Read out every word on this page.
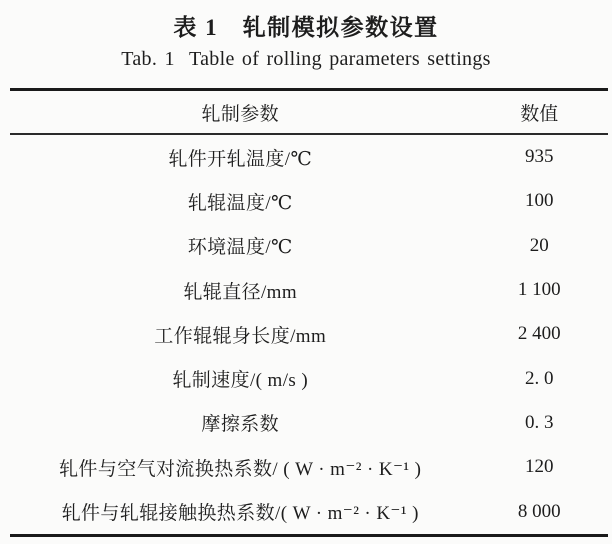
表 1　轧制模拟参数设置
Tab. 1  Table of rolling parameters settings
轧制参数	数值
轧件开轧温度/℃	935
轧辊温度/℃	100
环境温度/℃	20
轧辊直径/mm	1 100
工作辊辊身长度/mm	2 400
轧制速度/( m/s )	2. 0
摩擦系数	0. 3
轧件与空气对流换热系数/ ( W · m⁻² · K⁻¹ )	120
轧件与轧辊接触换热系数/( W · m⁻² · K⁻¹ )	8 000
